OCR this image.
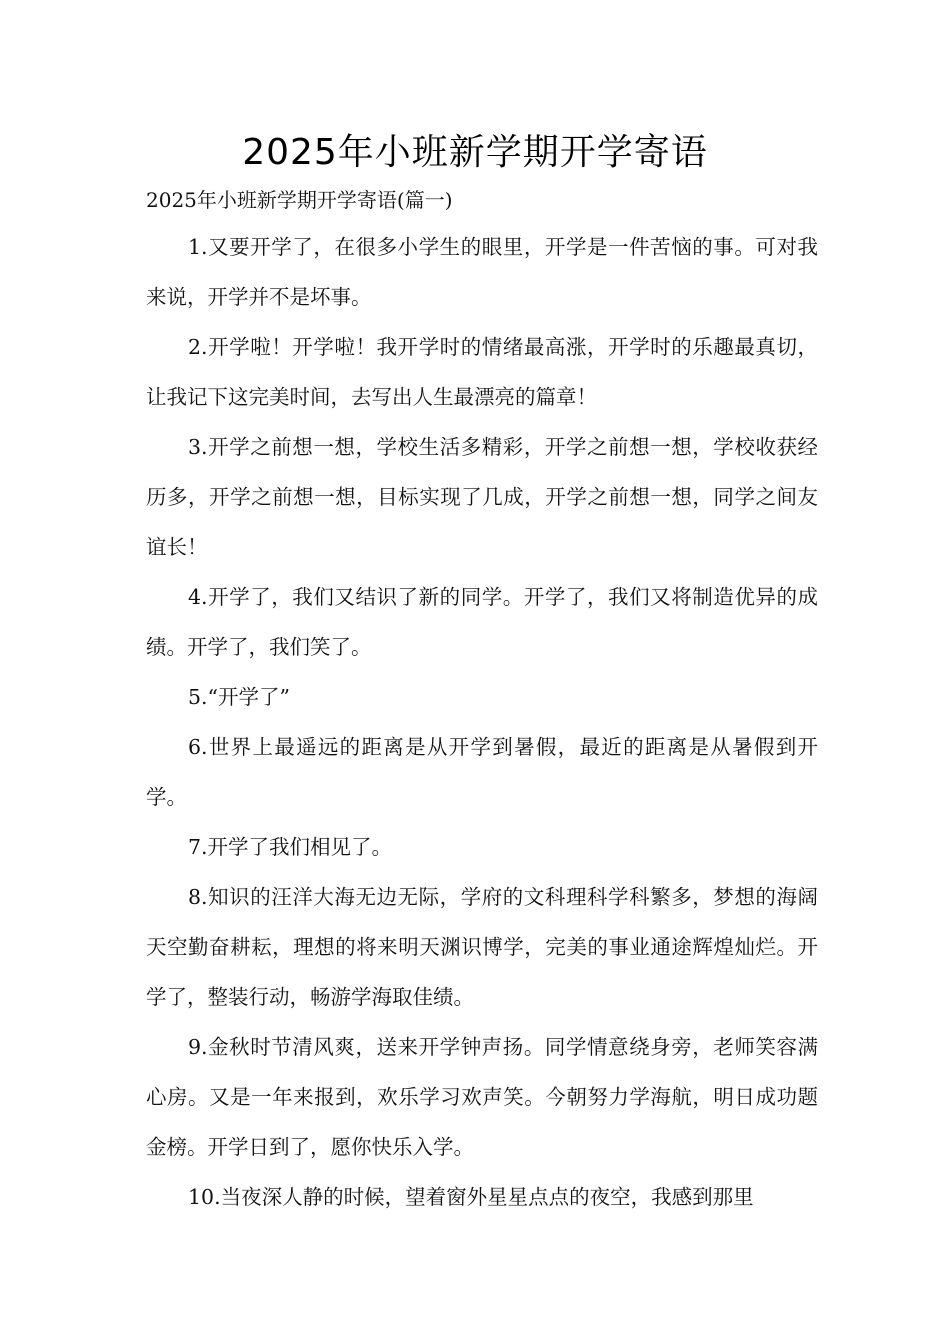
2025年小班新学期开学寄语
2025年小班新学期开学寄语(篇一)

1.又要开学了，在很多小学生的眼里，开学是一件苦恼的事。可对我来说，开学并不是坏事。

2.开学啦！开学啦！我开学时的情绪最高涨，开学时的乐趣最真切，让我记下这完美时间，去写出人生最漂亮的篇章！

3.开学之前想一想，学校生活多精彩，开学之前想一想，学校收获经历多，开学之前想一想，目标实现了几成，开学之前想一想，同学之间友谊长！

4.开学了，我们又结识了新的同学。开学了，我们又将制造优异的成绩。开学了，我们笑了。

5.“开学了”

6.世界上最遥远的距离是从开学到暑假，最近的距离是从暑假到开学。

7.开学了我们相见了。

8.知识的汪洋大海无边无际，学府的文科理科学科繁多，梦想的海阔天空勤奋耕耘，理想的将来明天渊识博学，完美的事业通途辉煌灿烂。开学了，整装行动，畅游学海取佳绩。

9.金秋时节清风爽，送来开学钟声扬。同学情意绕身旁，老师笑容满心房。又是一年来报到，欢乐学习欢声笑。今朝努力学海航，明日成功题金榜。开学日到了，愿你快乐入学。

10.当夜深人静的时候，望着窗外星星点点的夜空，我感到那里
